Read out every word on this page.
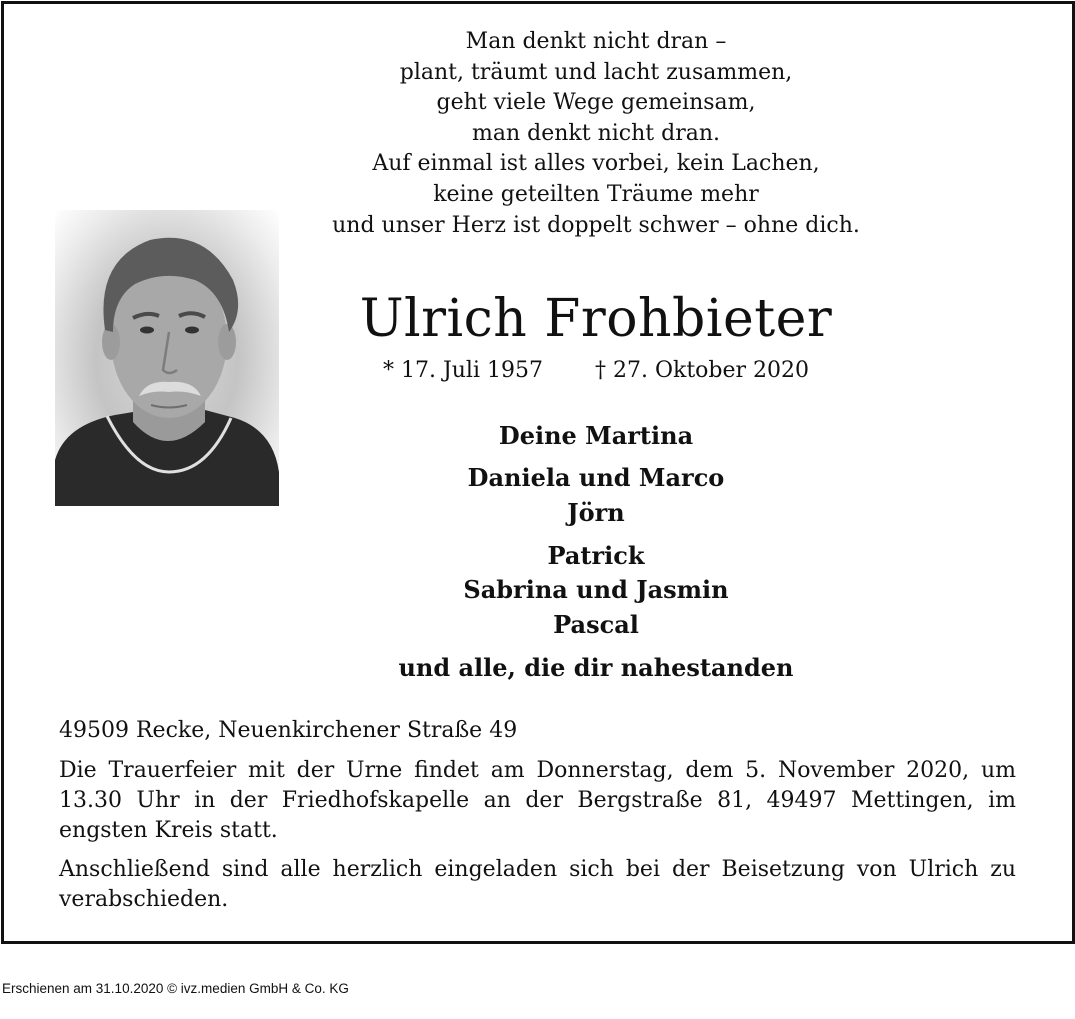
Man denkt nicht dran –
plant, träumt und lacht zusammen,
geht viele Wege gemeinsam,
man denkt nicht dran.
Auf einmal ist alles vorbei, kein Lachen,
keine geteilten Träume mehr
und unser Herz ist doppelt schwer – ohne dich.
Ulrich Frohbieter
* 17. Juli 1957 † 27. Oktober 2020
Deine Martina
Daniela und Marco
Jörn
Patrick
Sabrina und Jasmin
Pascal
und alle, die dir nahestanden
49509 Recke, Neuenkirchener Straße 49

Die Trauerfeier mit der Urne findet am Donnerstag, dem 5. November 2020, um 13.30 Uhr in der Friedhofskapelle an der Bergstraße 81, 49497 Mettingen, im engsten Kreis statt.

Anschließend sind alle herzlich eingeladen sich bei der Beisetzung von Ulrich zu verabschieden.

Erschienen am 31.10.2020 © ivz.medien GmbH & Co. KG
